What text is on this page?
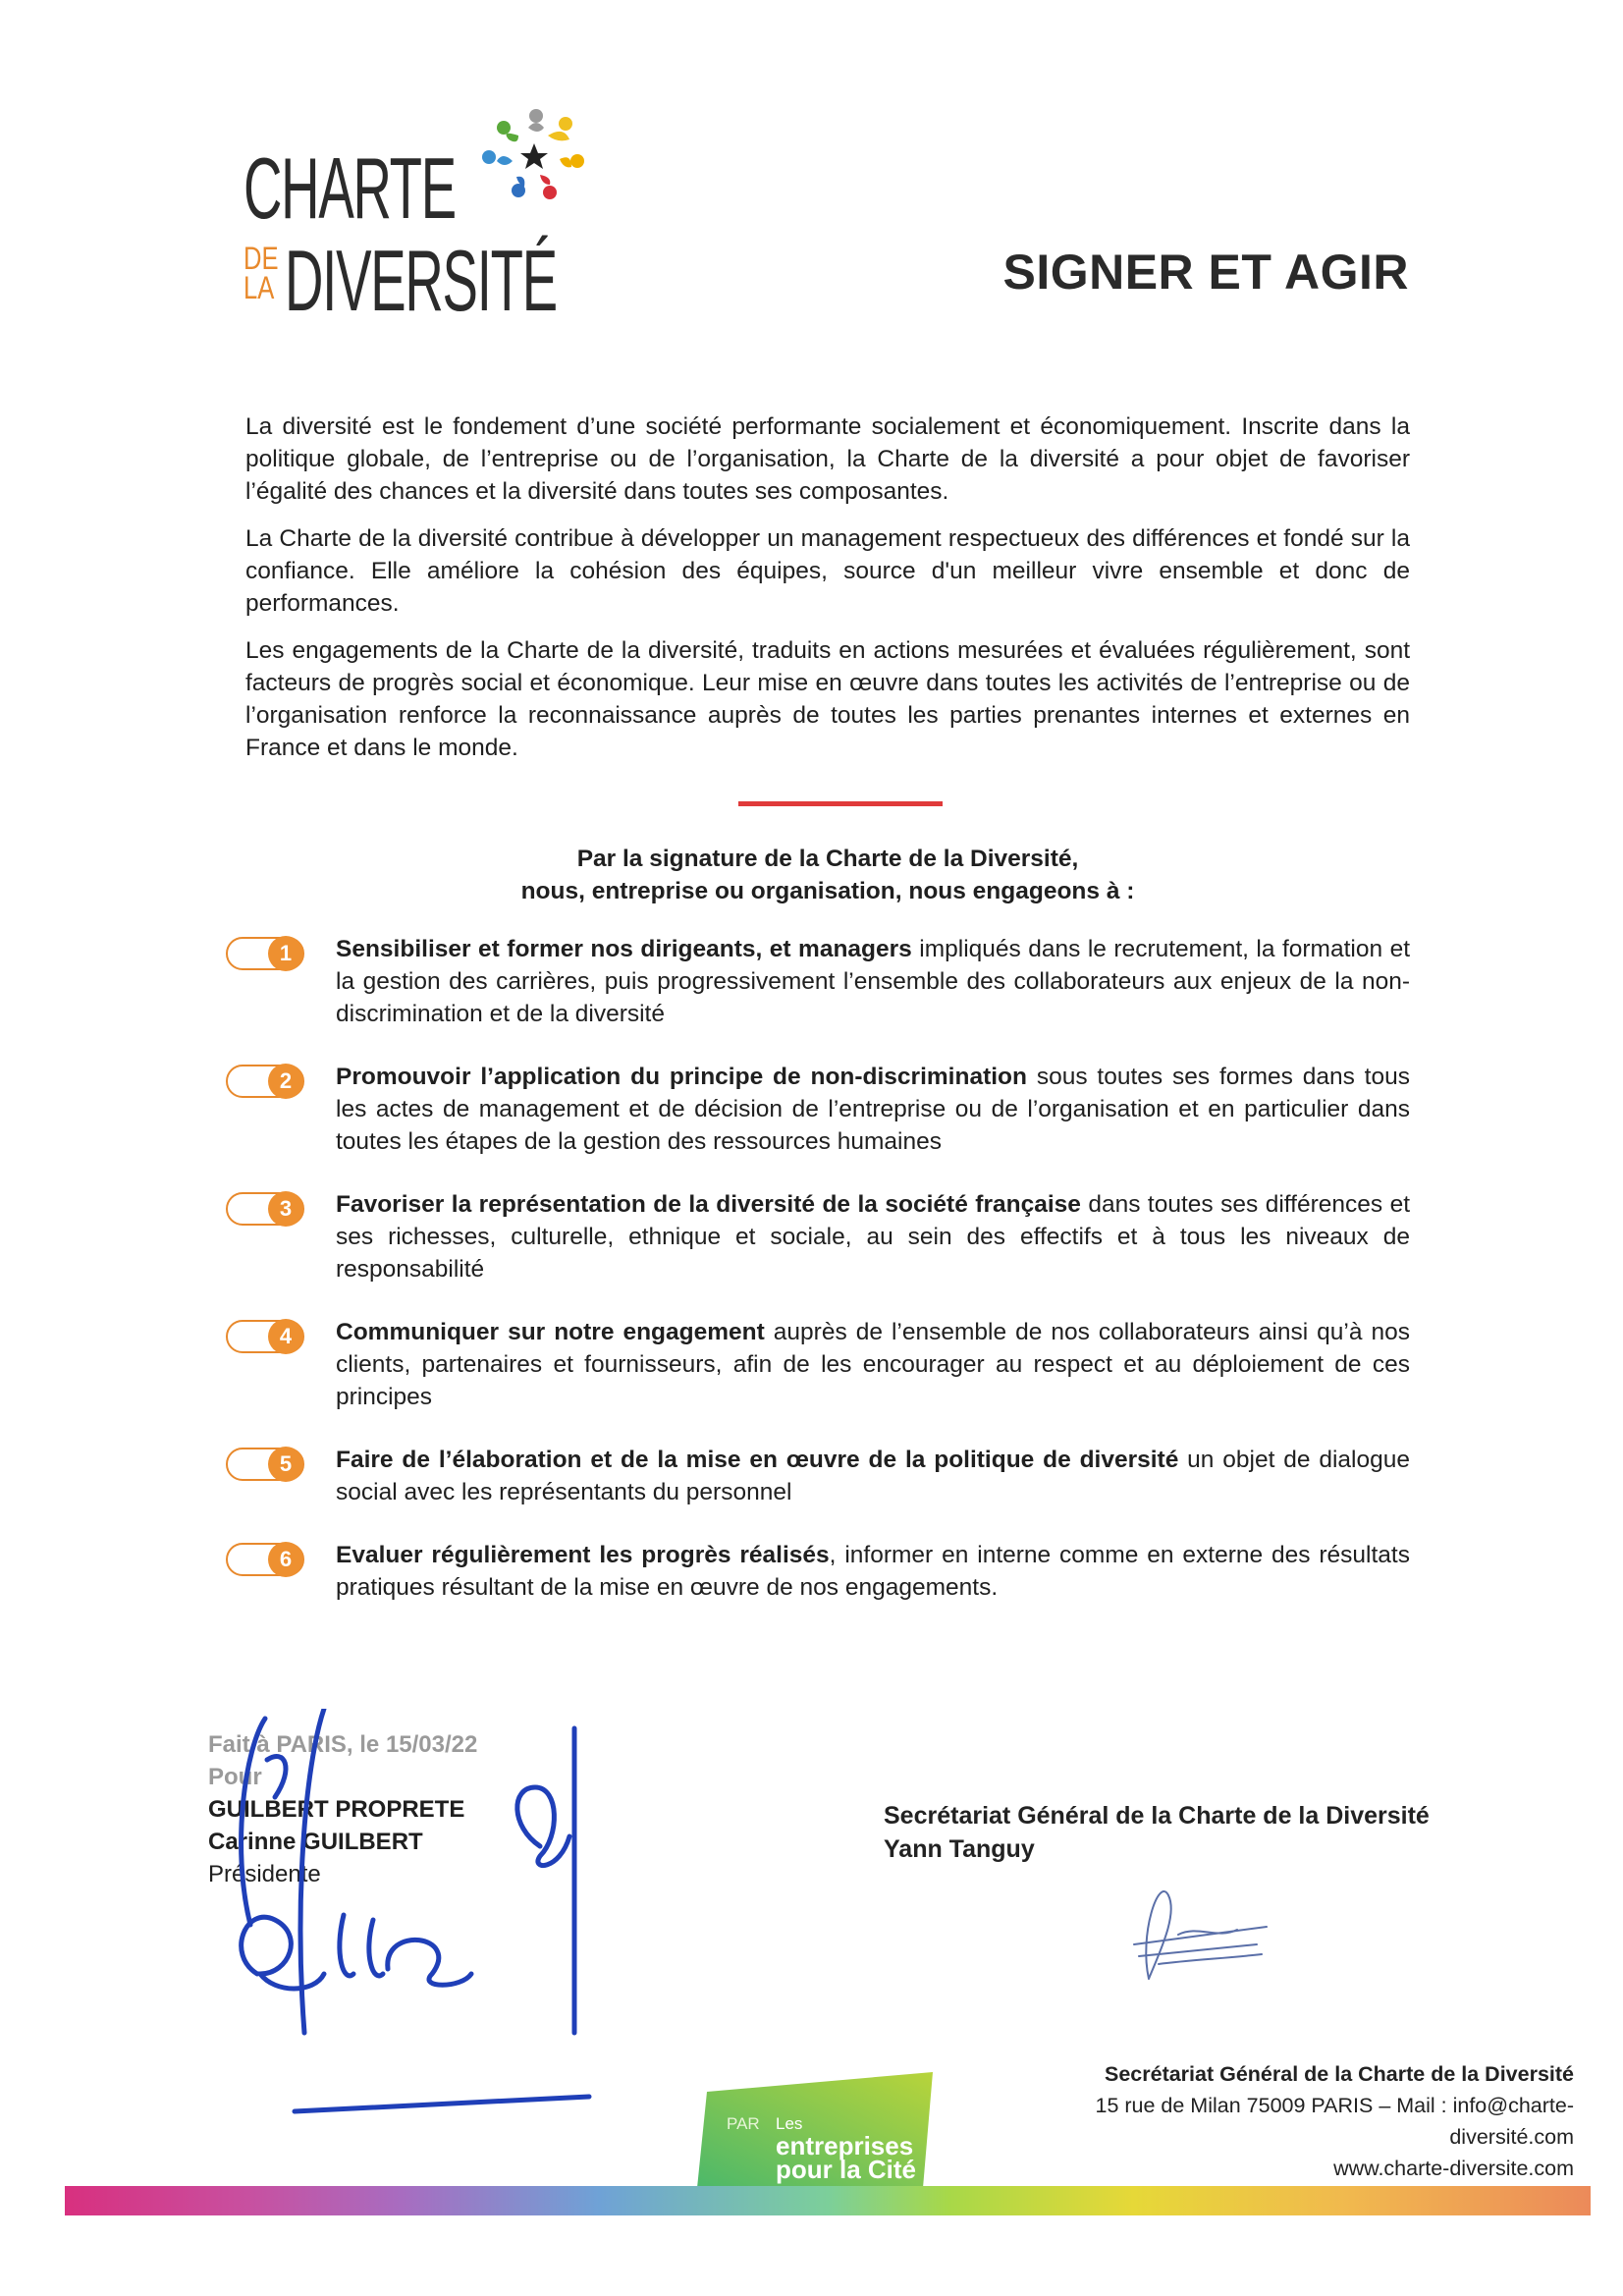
CHARTE
DE
LA DIVERSITÉ	SIGNER ET AGIR

La diversité est le fondement d’une société performante socialement et économiquement. Inscrite dans la politique globale, de l’entreprise ou de l’organisation, la Charte de la diversité a pour objet de favoriser l’égalité des chances et la diversité dans toutes ses composantes.

La Charte de la diversité contribue à développer un management respectueux des différences et fondé sur la confiance. Elle améliore la cohésion des équipes, source d'un meilleur vivre ensemble et donc de performances.

Les engagements de la Charte de la diversité, traduits en actions mesurées et évaluées régulièrement, sont facteurs de progrès social et économique. Leur mise en œuvre dans toutes les activités de l’entreprise ou de l’organisation renforce la reconnaissance auprès de toutes les parties prenantes internes et externes en France et dans le monde.

Par la signature de la Charte de la Diversité,
nous, entreprise ou organisation, nous engageons à :
1	Sensibiliser et former nos dirigeants, et managers impliqués dans le recrutement, la formation et la gestion des carrières, puis progressivement l’ensemble des collaborateurs aux enjeux de la non-discrimination et de la diversité
2	Promouvoir l’application du principe de non-discrimination sous toutes ses formes dans tous les actes de management et de décision de l’entreprise ou de l’organisation et en particulier dans toutes les étapes de la gestion des ressources humaines
3	Favoriser la représentation de la diversité de la société française dans toutes ses différences et ses richesses, culturelle, ethnique et sociale, au sein des effectifs et à tous les niveaux de responsabilité
4	Communiquer sur notre engagement auprès de l’ensemble de nos collaborateurs ainsi qu’à nos clients, partenaires et fournisseurs, afin de les encourager au respect et au déploiement de ces principes
5	Faire de l’élaboration et de la mise en œuvre de la politique de diversité un objet de dialogue social avec les représentants du personnel
6	Evaluer régulièrement les progrès réalisés, informer en interne comme en externe des résultats pratiques résultant de la mise en œuvre de nos engagements.
Fait à PARIS, le 15/03/22
Pour
GUILBERT PROPRETE
Carinne GUILBERT
Présidente
Secrétariat Général de la Charte de la Diversité
Yann Tanguy
Secrétariat Général de la Charte de la Diversité
15 rue de Milan 75009 PARIS – Mail : info@charte-
diversité.com
www.charte-diversite.com
PAR Les
entreprises
pour la Cité
